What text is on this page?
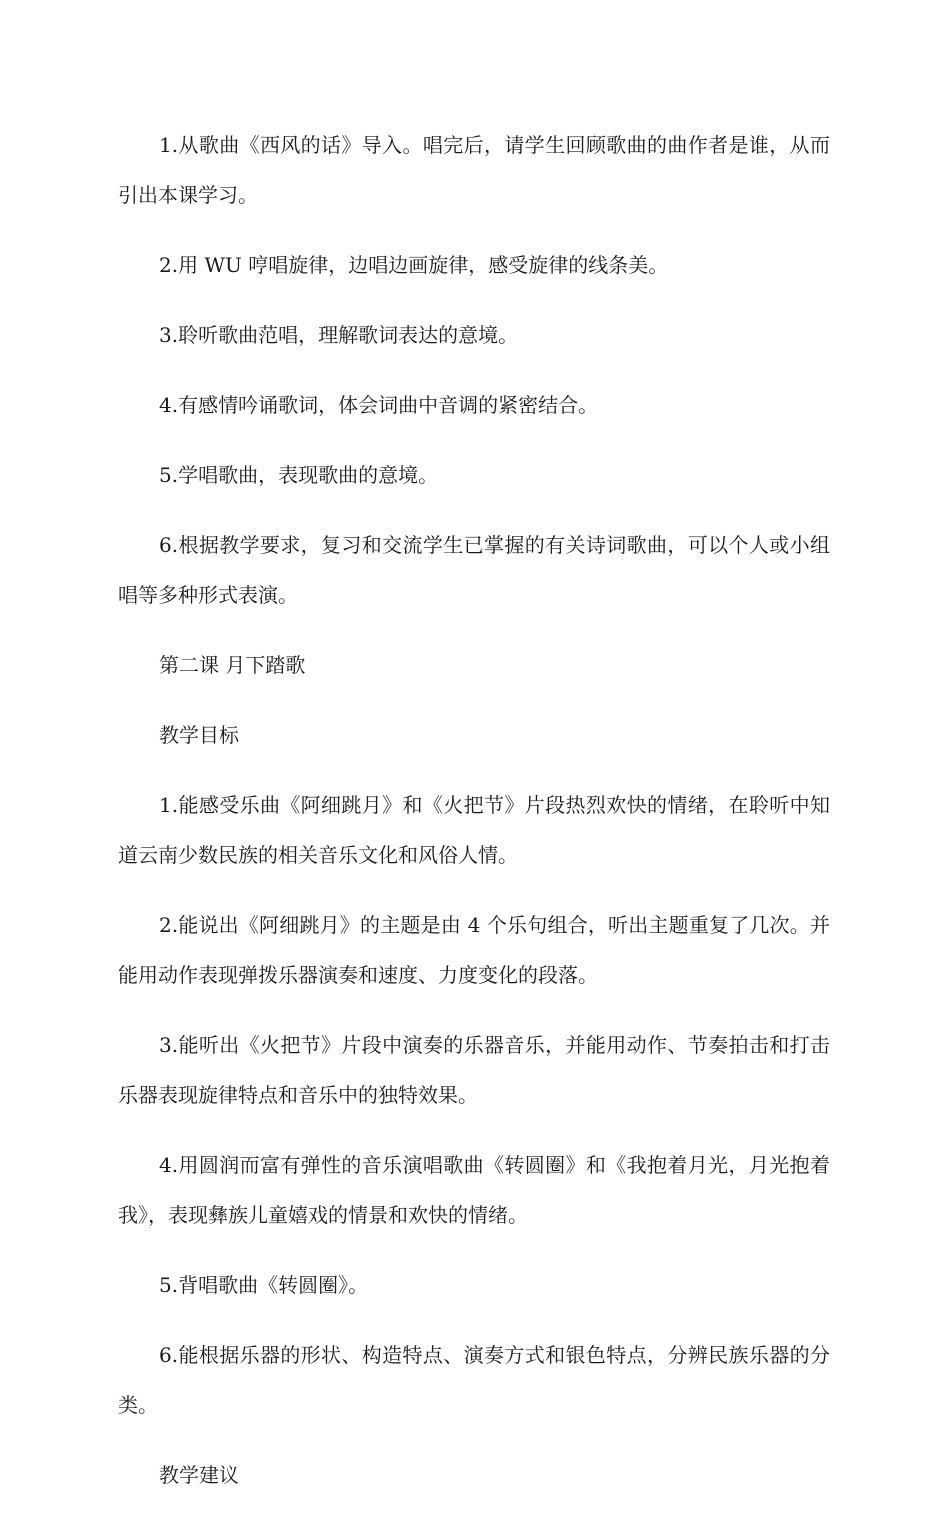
1.从歌曲《西风的话》导入。唱完后，请学生回顾歌曲的曲作者是谁，从而引出本课学习。

2.用 WU 哼唱旋律，边唱边画旋律，感受旋律的线条美。

3.聆听歌曲范唱，理解歌词表达的意境。

4.有感情吟诵歌词，体会词曲中音调的紧密结合。

5.学唱歌曲，表现歌曲的意境。

6.根据教学要求，复习和交流学生已掌握的有关诗词歌曲，可以个人或小组唱等多种形式表演。

第二课 月下踏歌

教学目标

1.能感受乐曲《阿细跳月》和《火把节》片段热烈欢快的情绪，在聆听中知道云南少数民族的相关音乐文化和风俗人情。

2.能说出《阿细跳月》的主题是由 4 个乐句组合，听出主题重复了几次。并能用动作表现弹拨乐器演奏和速度、力度变化的段落。

3.能听出《火把节》片段中演奏的乐器音乐，并能用动作、节奏拍击和打击乐器表现旋律特点和音乐中的独特效果。

4.用圆润而富有弹性的音乐演唱歌曲《转圆圈》和《我抱着月光，月光抱着我》，表现彝族儿童嬉戏的情景和欢快的情绪。

5.背唱歌曲《转圆圈》。

6.能根据乐器的形状、构造特点、演奏方式和银色特点，分辨民族乐器的分类。

教学建议
